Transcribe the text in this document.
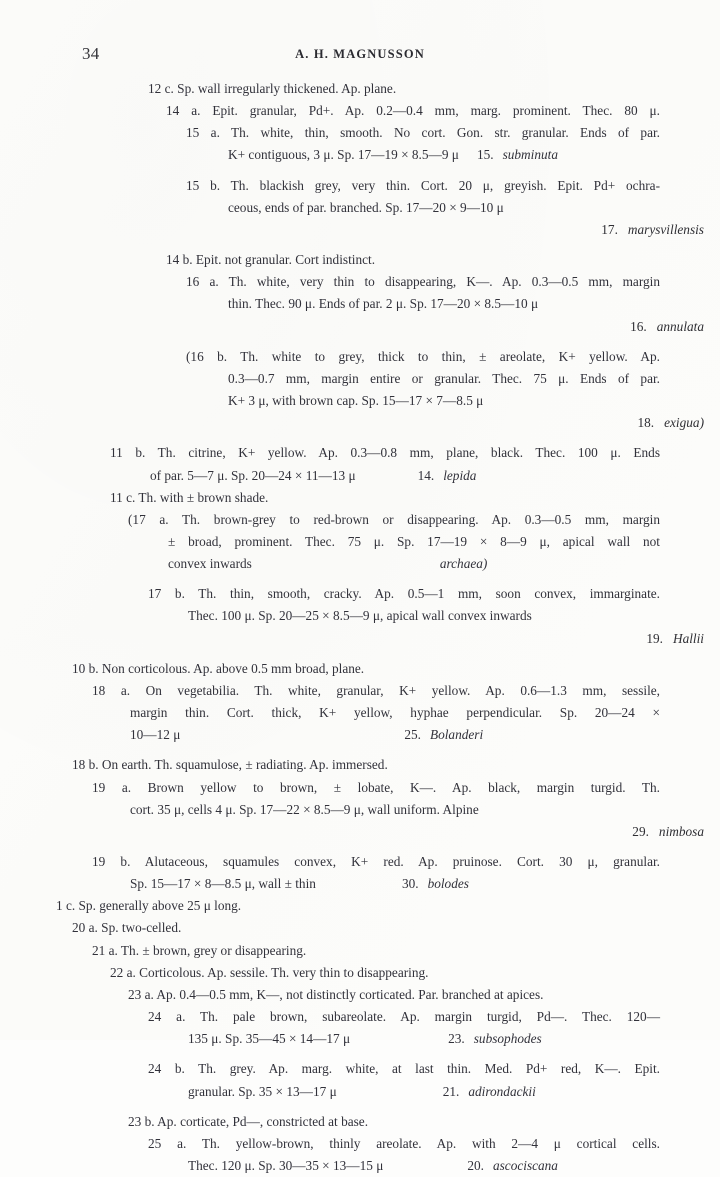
34	A. H. MAGNUSSON
12 c. Sp. wall irregularly thickened. Ap. plane.
14 a. Epit. granular, Pd+. Ap. 0.2—0.4 mm, marg. prominent. Thec. 80 μ.
15 a. Th. white, thin, smooth. No cort. Gon. str. granular. Ends of par.
K+ contiguous, 3 μ. Sp. 17—19 × 8.5—9 μ 15. subminuta
15 b. Th. blackish grey, very thin. Cort. 20 μ, greyish. Epit. Pd+ ochra-
ceous, ends of par. branched. Sp. 17—20 × 9—10 μ
17. marysvillensis
14 b. Epit. not granular. Cort indistinct.
16 a. Th. white, very thin to disappearing, K—. Ap. 0.3—0.5 mm, margin
thin. Thec. 90 μ. Ends of par. 2 μ. Sp. 17—20 × 8.5—10 μ
16. annulata
(16 b. Th. white to grey, thick to thin, ± areolate, K+ yellow. Ap.
0.3—0.7 mm, margin entire or granular. Thec. 75 μ. Ends of par.
K+ 3 μ, with brown cap. Sp. 15—17 × 7—8.5 μ
18. exigua)
11 b. Th. citrine, K+ yellow. Ap. 0.3—0.8 mm, plane, black. Thec. 100 μ. Ends
of par. 5—7 μ. Sp. 20—24 × 11—13 μ	14. lepida
11 c. Th. with ± brown shade.
(17 a. Th. brown-grey to red-brown or disappearing. Ap. 0.3—0.5 mm, margin
± broad, prominent. Thec. 75 μ. Sp. 17—19 × 8—9 μ, apical wall not
convex inwards	archaea)
17 b. Th. thin, smooth, cracky. Ap. 0.5—1 mm, soon convex, immarginate.
Thec. 100 μ. Sp. 20—25 × 8.5—9 μ, apical wall convex inwards
19. Hallii
10 b. Non corticolous. Ap. above 0.5 mm broad, plane.
18 a. On vegetabilia. Th. white, granular, K+ yellow. Ap. 0.6—1.3 mm, sessile,
margin thin. Cort. thick, K+ yellow, hyphae perpendicular. Sp. 20—24 ×
10—12 μ	25. Bolanderi
18 b. On earth. Th. squamulose, ± radiating. Ap. immersed.
19 a. Brown yellow to brown, ± lobate, K—. Ap. black, margin turgid. Th.
cort. 35 μ, cells 4 μ. Sp. 17—22 × 8.5—9 μ, wall uniform. Alpine
29. nimbosa
19 b. Alutaceous, squamules convex, K+ red. Ap. pruinose. Cort. 30 μ, granular.
Sp. 15—17 × 8—8.5 μ, wall ± thin	30. bolodes
1 c. Sp. generally above 25 μ long.
20 a. Sp. two-celled.
21 a. Th. ± brown, grey or disappearing.
22 a. Corticolous. Ap. sessile. Th. very thin to disappearing.
23 a. Ap. 0.4—0.5 mm, K—, not distinctly corticated. Par. branched at apices.
24 a. Th. pale brown, subareolate. Ap. margin turgid, Pd—. Thec. 120—
135 μ. Sp. 35—45 × 14—17 μ	23. subsophodes
24 b. Th. grey. Ap. marg. white, at last thin. Med. Pd+ red, K—. Epit.
granular. Sp. 35 × 13—17 μ	21. adirondackii
23 b. Ap. corticate, Pd—, constricted at base.
25 a. Th. yellow-brown, thinly areolate. Ap. with 2—4 μ cortical cells.
Thec. 120 μ. Sp. 30—35 × 13—15 μ	20. ascociscana
